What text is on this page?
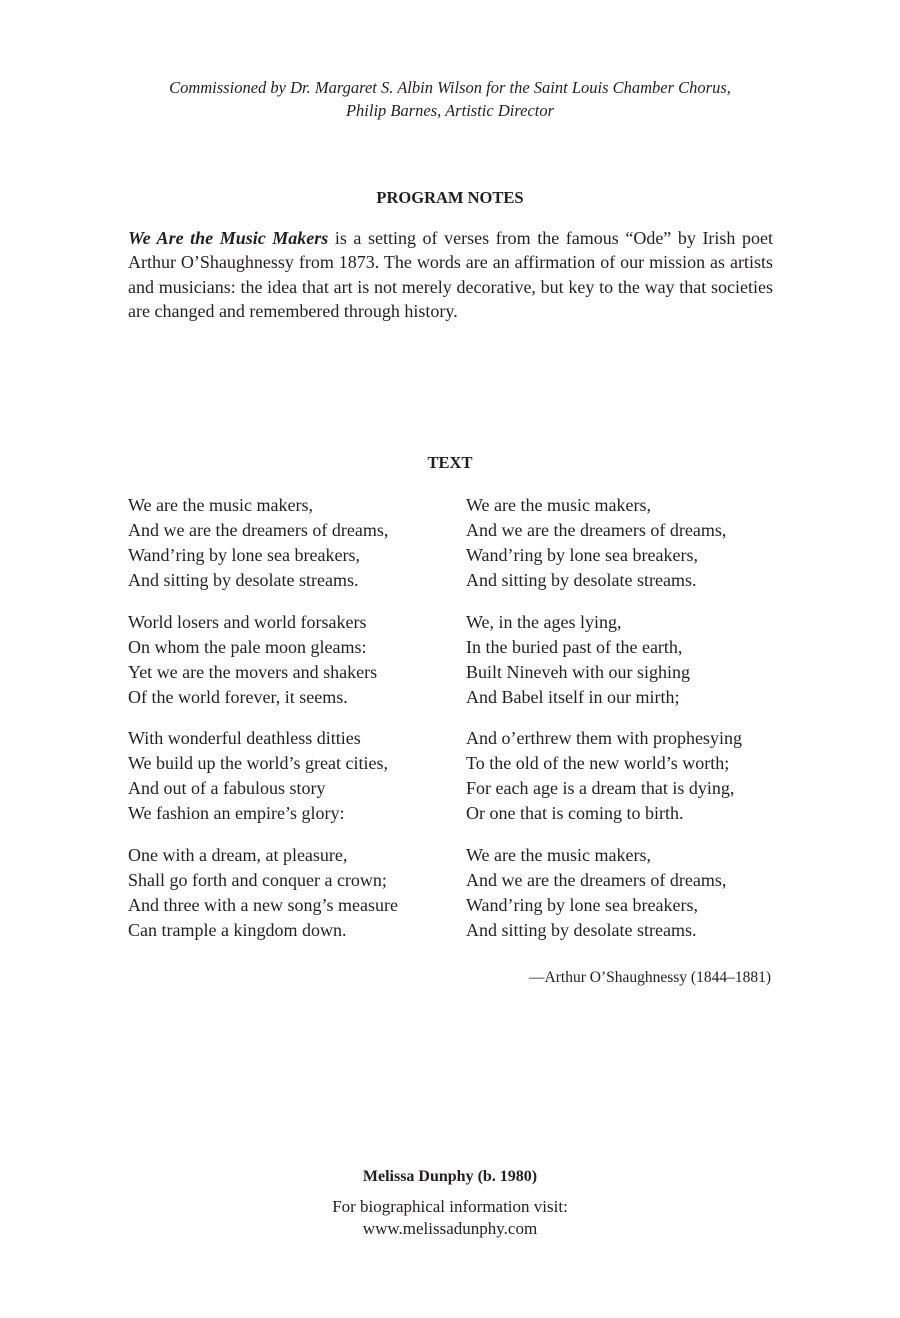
Commissioned by Dr. Margaret S. Albin Wilson for the Saint Louis Chamber Chorus,
Philip Barnes, Artistic Director
PROGRAM NOTES
We Are the Music Makers is a setting of verses from the famous “Ode” by Irish poet Arthur O’Shaughnessy from 1873. The words are an affirmation of our mission as artists and musicians: the idea that art is not merely decorative, but key to the way that societies are changed and remembered through history.
TEXT
We are the music makers,
And we are the dreamers of dreams,
Wand’ring by lone sea breakers,
And sitting by desolate streams.
World losers and world forsakers
On whom the pale moon gleams:
Yet we are the movers and shakers
Of the world forever, it seems.
With wonderful deathless ditties
We build up the world’s great cities,
And out of a fabulous story
We fashion an empire’s glory:
One with a dream, at pleasure,
Shall go forth and conquer a crown;
And three with a new song’s measure
Can trample a kingdom down.
We are the music makers,
And we are the dreamers of dreams,
Wand’ring by lone sea breakers,
And sitting by desolate streams.
We, in the ages lying,
In the buried past of the earth,
Built Nineveh with our sighing
And Babel itself in our mirth;
And o’erthrew them with prophesying
To the old of the new world’s worth;
For each age is a dream that is dying,
Or one that is coming to birth.
We are the music makers,
And we are the dreamers of dreams,
Wand’ring by lone sea breakers,
And sitting by desolate streams.
—Arthur O’Shaughnessy (1844–1881)
Melissa Dunphy (b. 1980)
For biographical information visit:
www.melissadunphy.com
